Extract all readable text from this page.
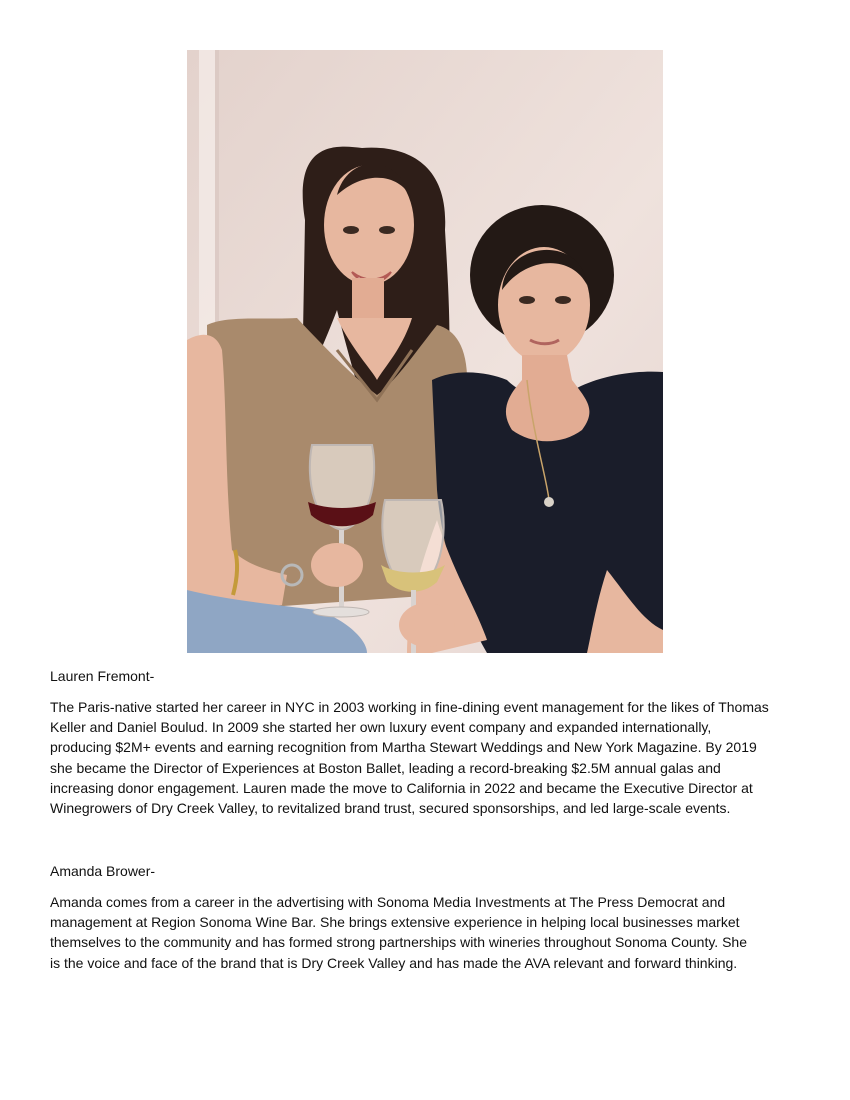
Lauren Fremont-
The Paris-native started her career in NYC in 2003 working in fine-dining event management for the likes of Thomas
Keller and Daniel Boulud. In 2009 she started her own luxury event company and expanded internationally,
producing $2M+ events and earning recognition from Martha Stewart Weddings and New York Magazine. By 2019
she became the Director of Experiences at Boston Ballet, leading a record-breaking $2.5M annual galas and
increasing donor engagement. Lauren made the move to California in 2022 and became the Executive Director at
Winegrowers of Dry Creek Valley, to revitalized brand trust, secured sponsorships, and led large-scale events.
Amanda Brower-
Amanda comes from a career in the advertising with Sonoma Media Investments at The Press Democrat and
management at Region Sonoma Wine Bar. She brings extensive experience in helping local businesses market
themselves to the community and has formed strong partnerships with wineries throughout Sonoma County. She
is the voice and face of the brand that is Dry Creek Valley and has made the AVA relevant and forward thinking.
